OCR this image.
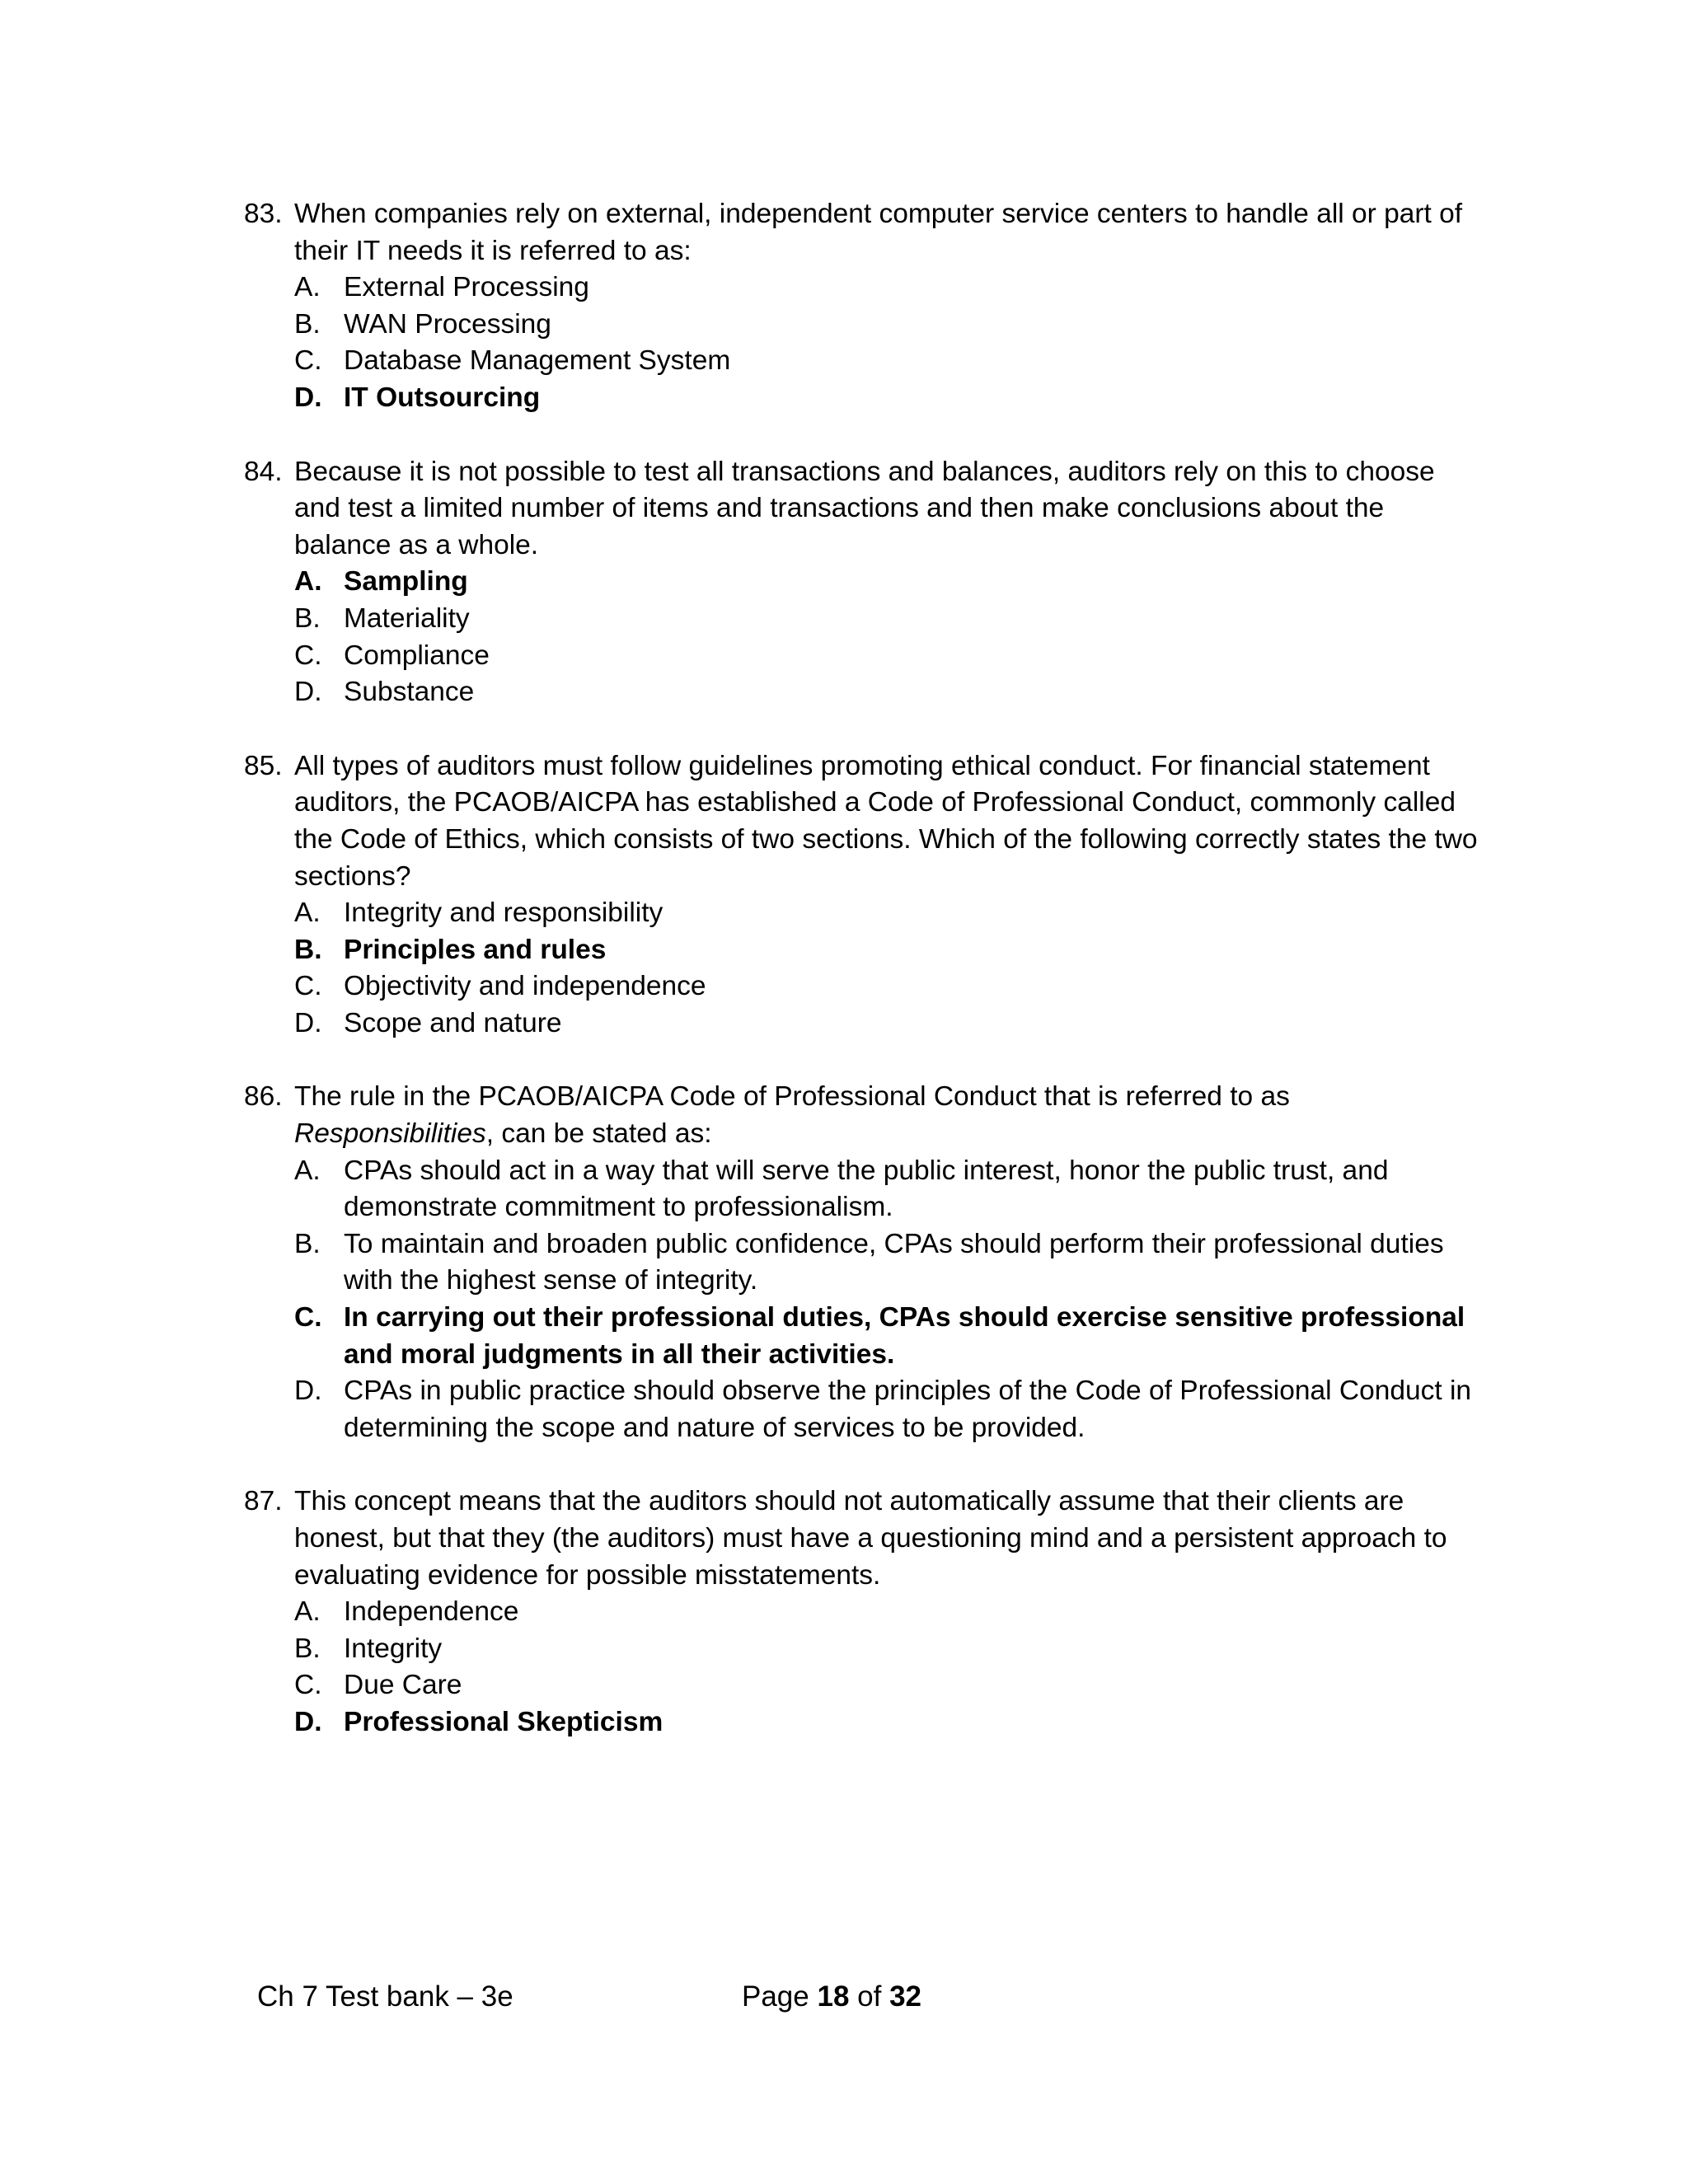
83. When companies rely on external, independent computer service centers to handle all or part of their IT needs it is referred to as:
A. External Processing
B. WAN Processing
C. Database Management System
D. IT Outsourcing
84. Because it is not possible to test all transactions and balances, auditors rely on this to choose and test a limited number of items and transactions and then make conclusions about the balance as a whole.
A. Sampling
B. Materiality
C. Compliance
D. Substance
85. All types of auditors must follow guidelines promoting ethical conduct. For financial statement auditors, the PCAOB/AICPA has established a Code of Professional Conduct, commonly called the Code of Ethics, which consists of two sections. Which of the following correctly states the two sections?
A. Integrity and responsibility
B. Principles and rules
C. Objectivity and independence
D. Scope and nature
86. The rule in the PCAOB/AICPA Code of Professional Conduct that is referred to as Responsibilities, can be stated as:
A. CPAs should act in a way that will serve the public interest, honor the public trust, and demonstrate commitment to professionalism.
B. To maintain and broaden public confidence, CPAs should perform their professional duties with the highest sense of integrity.
C. In carrying out their professional duties, CPAs should exercise sensitive professional and moral judgments in all their activities.
D. CPAs in public practice should observe the principles of the Code of Professional Conduct in determining the scope and nature of services to be provided.
87. This concept means that the auditors should not automatically assume that their clients are honest, but that they (the auditors) must have a questioning mind and a persistent approach to evaluating evidence for possible misstatements.
A. Independence
B. Integrity
C. Due Care
D. Professional Skepticism
Ch 7 Test bank – 3e	Page 18 of 32
